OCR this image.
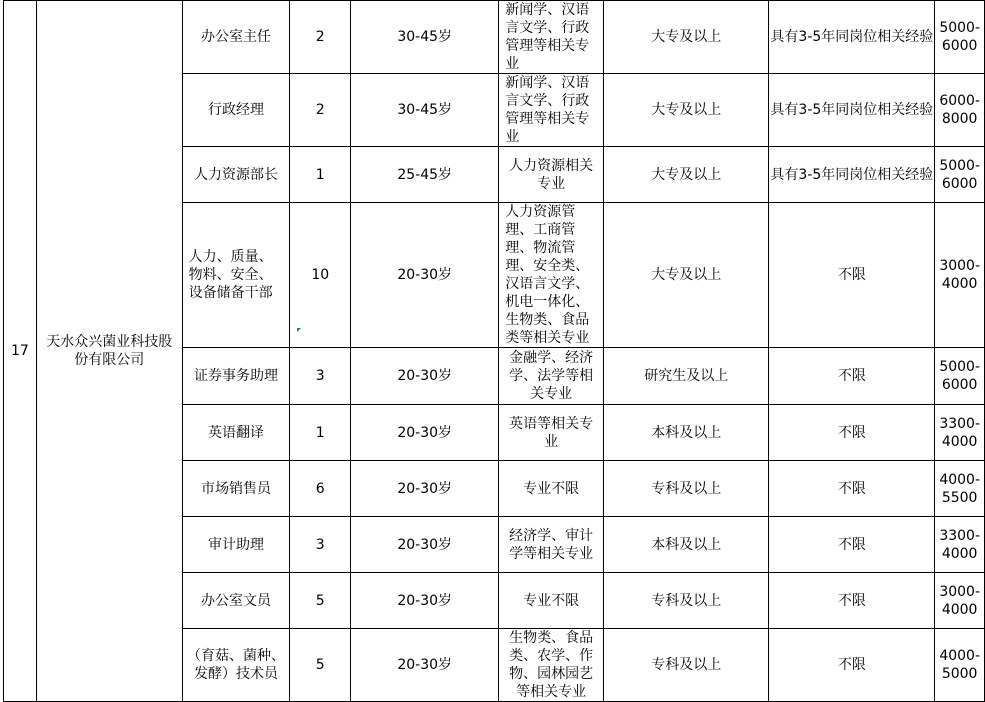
17	天水众兴菌业科技股份有限公司	办公室主任	2	30-45岁	新闻学、汉语言文学、行政管理等相关专业	大专及以上	具有3-5年同岗位相关经验	5000-6000
		行政经理	2	30-45岁	新闻学、汉语言文学、行政管理等相关专业	大专及以上	具有3-5年同岗位相关经验	6000-8000
		人力资源部长	1	25-45岁	人力资源相关专业	大专及以上	具有3-5年同岗位相关经验	5000-6000
		人力、质量、物料、安全、设备储备干部	10	20-30岁	人力资源管理、工商管理、物流管理、安全类、汉语言文学、机电一体化、生物类、食品类等相关专业	大专及以上	不限	3000-4000
		证券事务助理	3	20-30岁	金融学、经济学、法学等相关专业	研究生及以上	不限	5000-6000
		英语翻译	1	20-30岁	英语等相关专业	本科及以上	不限	3300-4000
		市场销售员	6	20-30岁	专业不限	专科及以上	不限	4000-5500
		审计助理	3	20-30岁	经济学、审计学等相关专业	本科及以上	不限	3300-4000
		办公室文员	5	20-30岁	专业不限	专科及以上	不限	3000-4000
		（育菇、菌种、发酵）技术员	5	20-30岁	生物类、食品类、农学、作物、园林园艺等相关专业	专科及以上	不限	4000-5000
